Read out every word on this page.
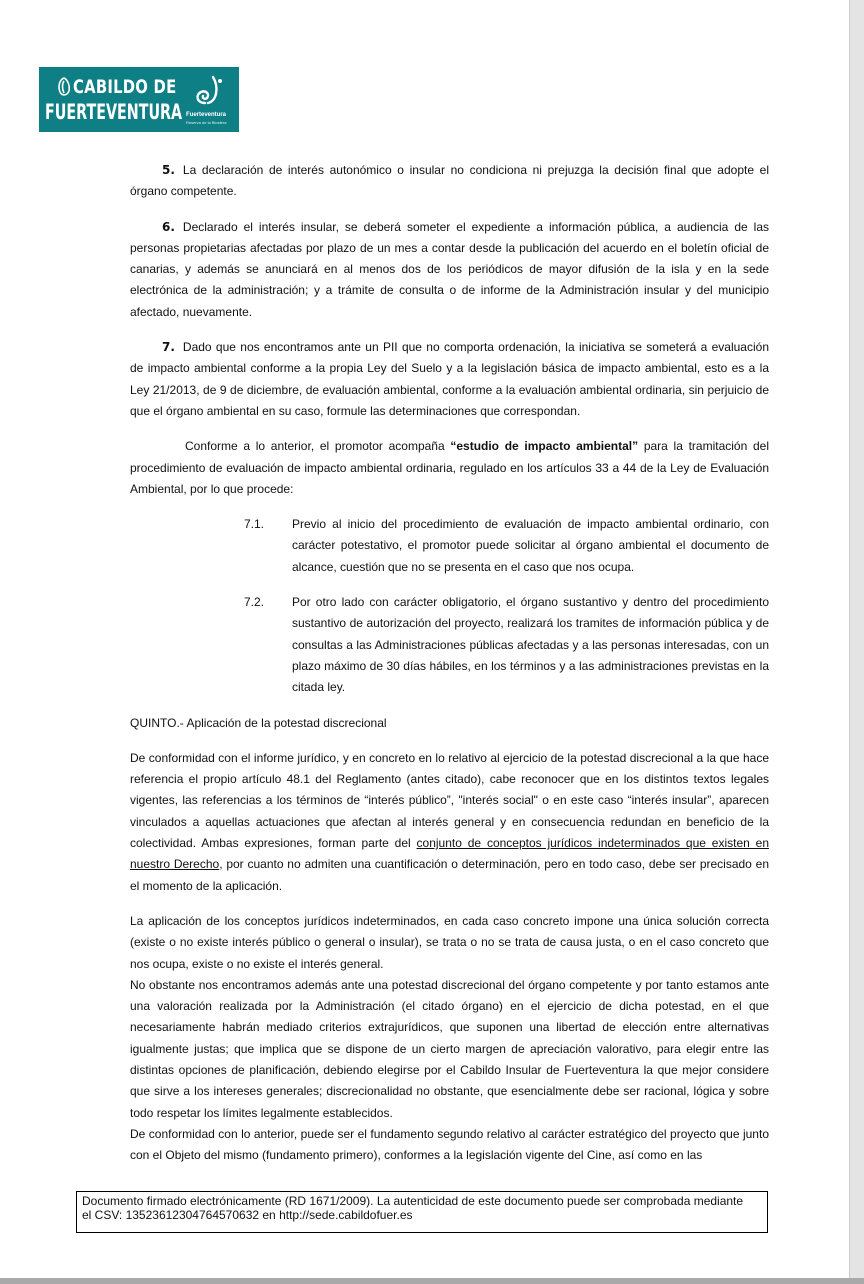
CABILDO DE
FUERTEVENTURA Fuerteventura
Reserva de la Biosfera

5. La declaración de interés autonómico o insular no condiciona ni prejuzga la decisión final que adopte el órgano competente.

6. Declarado el interés insular, se deberá someter el expediente a información pública, a audiencia de las personas propietarias afectadas por plazo de un mes a contar desde la publicación del acuerdo en el boletín oficial de canarias, y además se anunciará en al menos dos de los periódicos de mayor difusión de la isla y en la sede electrónica de la administración; y a trámite de consulta o de informe de la Administración insular y del municipio afectado, nuevamente.

7. Dado que nos encontramos ante un PII que no comporta ordenación, la iniciativa se someterá a evaluación de impacto ambiental conforme a la propia Ley del Suelo y a la legislación básica de impacto ambiental, esto es a la Ley 21/2013, de 9 de diciembre, de evaluación ambiental, conforme a la evaluación ambiental ordinaria, sin perjuicio de que el órgano ambiental en su caso, formule las determinaciones que correspondan.

Conforme a lo anterior, el promotor acompaña “estudio de impacto ambiental” para la tramitación del procedimiento de evaluación de impacto ambiental ordinaria, regulado en los artículos 33 a 44 de la Ley de Evaluación Ambiental, por lo que procede:

7.1.	Previo al inicio del procedimiento de evaluación de impacto ambiental ordinario, con carácter potestativo, el promotor puede solicitar al órgano ambiental el documento de alcance, cuestión que no se presenta en el caso que nos ocupa.
7.2.	Por otro lado con carácter obligatorio, el órgano sustantivo y dentro del procedimiento sustantivo de autorización del proyecto, realizará los tramites de información pública y de consultas a las Administraciones públicas afectadas y a las personas interesadas, con un plazo máximo de 30 días hábiles, en los términos y a las administraciones previstas en la citada ley.

QUINTO.- Aplicación de la potestad discrecional

De conformidad con el informe jurídico, y en concreto en lo relativo al ejercicio de la potestad discrecional a la que hace referencia el propio artículo 48.1 del Reglamento (antes citado), cabe reconocer que en los distintos textos legales vigentes, las referencias a los términos de “interés público”, "interés social" o en este caso “interés insular”, aparecen vinculados a aquellas actuaciones que afectan al interés general y en consecuencia redundan en beneficio de la colectividad. Ambas expresiones, forman parte del conjunto de conceptos jurídicos indeterminados que existen en nuestro Derecho, por cuanto no admiten una cuantificación o determinación, pero en todo caso, debe ser precisado en el momento de la aplicación.

La aplicación de los conceptos jurídicos indeterminados, en cada caso concreto impone una única solución correcta (existe o no existe interés público o general o insular), se trata o no se trata de causa justa, o en el caso concreto que nos ocupa, existe o no existe el interés general.

No obstante nos encontramos además ante una potestad discrecional del órgano competente y por tanto estamos ante una valoración realizada por la Administración (el citado órgano) en el ejercicio de dicha potestad, en el que necesariamente habrán mediado criterios extrajurídicos, que suponen una libertad de elección entre alternativas igualmente justas; que implica que se dispone de un cierto margen de apreciación valorativo, para elegir entre las distintas opciones de planificación, debiendo elegirse por el Cabildo Insular de Fuerteventura la que mejor considere que sirve a los intereses generales; discrecionalidad no obstante, que esencialmente debe ser racional, lógica y sobre todo respetar los límites legalmente establecidos.

De conformidad con lo anterior, puede ser el fundamento segundo relativo al carácter estratégico del proyecto que junto con el Objeto del mismo (fundamento primero), conformes a la legislación vigente del Cine, así como en las

Documento firmado electrónicamente (RD 1671/2009). La autenticidad de este documento puede ser comprobada mediante
el CSV: 13523612304764570632 en http://sede.cabildofuer.es
